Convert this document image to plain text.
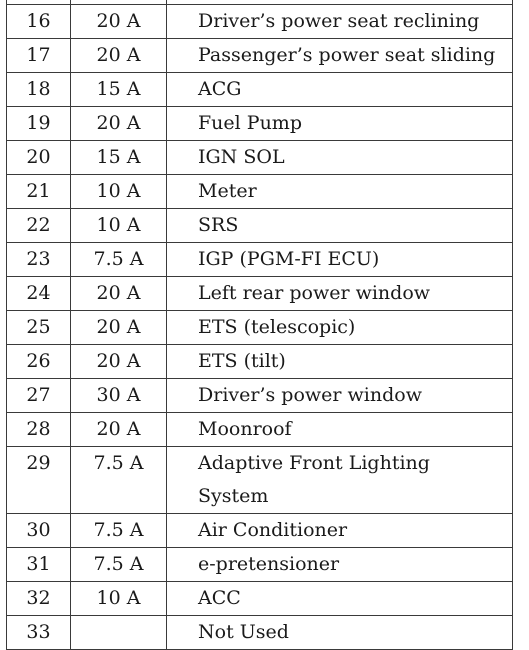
16	20 A	Driver’s power seat reclining
17	20 A	Passenger’s power seat sliding
18	15 A	ACG
19	20 A	Fuel Pump
20	15 A	IGN SOL
21	10 A	Meter
22	10 A	SRS
23	7.5 A	IGP (PGM-FI ECU)
24	20 A	Left rear power window
25	20 A	ETS (telescopic)
26	20 A	ETS (tilt)
27	30 A	Driver’s power window
28	20 A	Moonroof
29	7.5 A	Adaptive Front Lighting
System
30	7.5 A	Air Conditioner
31	7.5 A	e-pretensioner
32	10 A	ACC
33		Not Used
